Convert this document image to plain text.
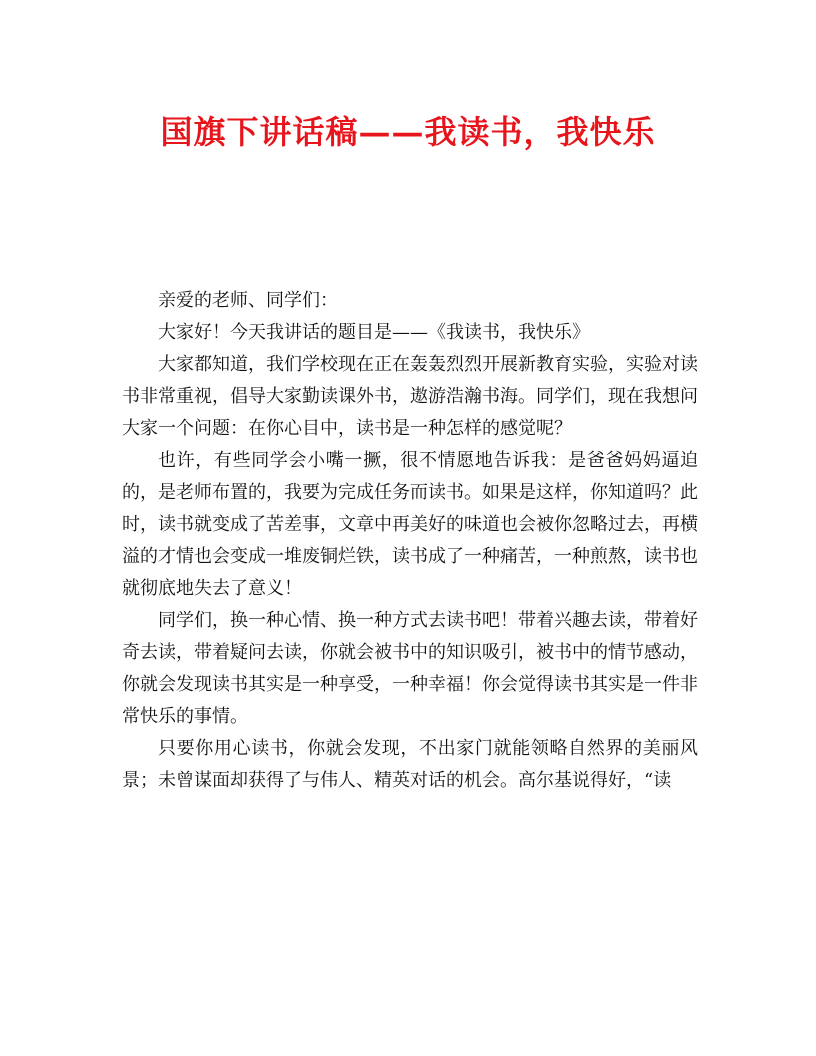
国旗下讲话稿——我读书，我快乐

亲爱的老师、同学们：

大家好！今天我讲话的题目是——《我读书，我快乐》

大家都知道，我们学校现在正在轰轰烈烈开展新教育实验，实验对读书非常重视，倡导大家勤读课外书，遨游浩瀚书海。同学们，现在我想问大家一个问题：在你心目中，读书是一种怎样的感觉呢？

也许，有些同学会小嘴一撅，很不情愿地告诉我：是爸爸妈妈逼迫的，是老师布置的，我要为完成任务而读书。如果是这样，你知道吗？此时，读书就变成了苦差事，文章中再美好的味道也会被你忽略过去，再横溢的才情也会变成一堆废铜烂铁，读书成了一种痛苦，一种煎熬，读书也就彻底地失去了意义！

同学们，换一种心情、换一种方式去读书吧！带着兴趣去读，带着好奇去读，带着疑问去读，你就会被书中的知识吸引，被书中的情节感动，你就会发现读书其实是一种享受，一种幸福！你会觉得读书其实是一件非常快乐的事情。

只要你用心读书，你就会发现，不出家门就能领略自然界的美丽风景；未曾谋面却获得了与伟人、精英对话的机会。高尔基说得好，“读
